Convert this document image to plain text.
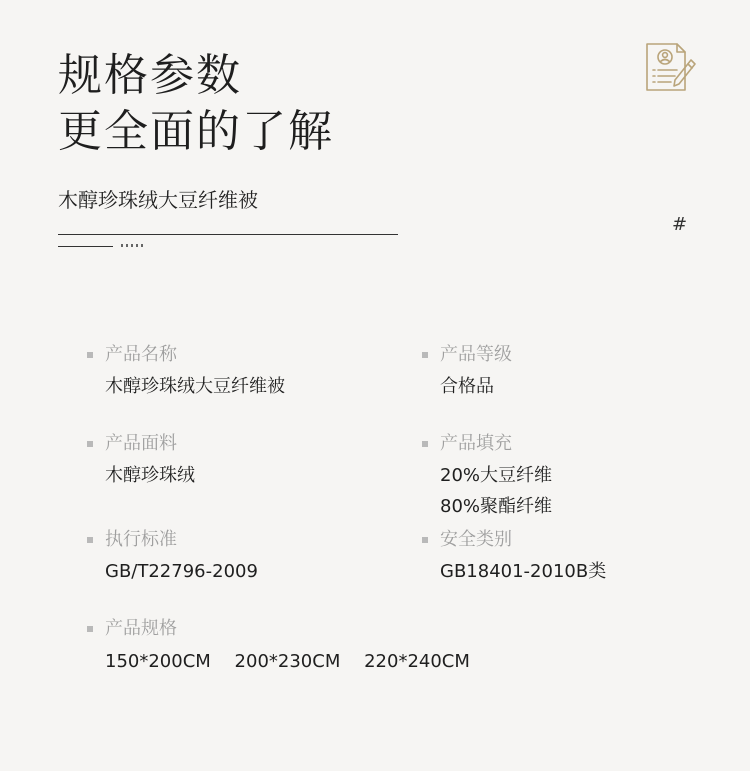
规格参数
更全面的了解
木醇珍珠绒大豆纤维被
#
产品名称
木醇珍珠绒大豆纤维被
产品等级
合格品
产品面料
木醇珍珠绒
产品填充
20%大豆纤维
80%聚酯纤维
执行标准
GB/T22796-2009
安全类别
GB18401-2010B类
产品规格
150*200CM 200*230CM 220*240CM
